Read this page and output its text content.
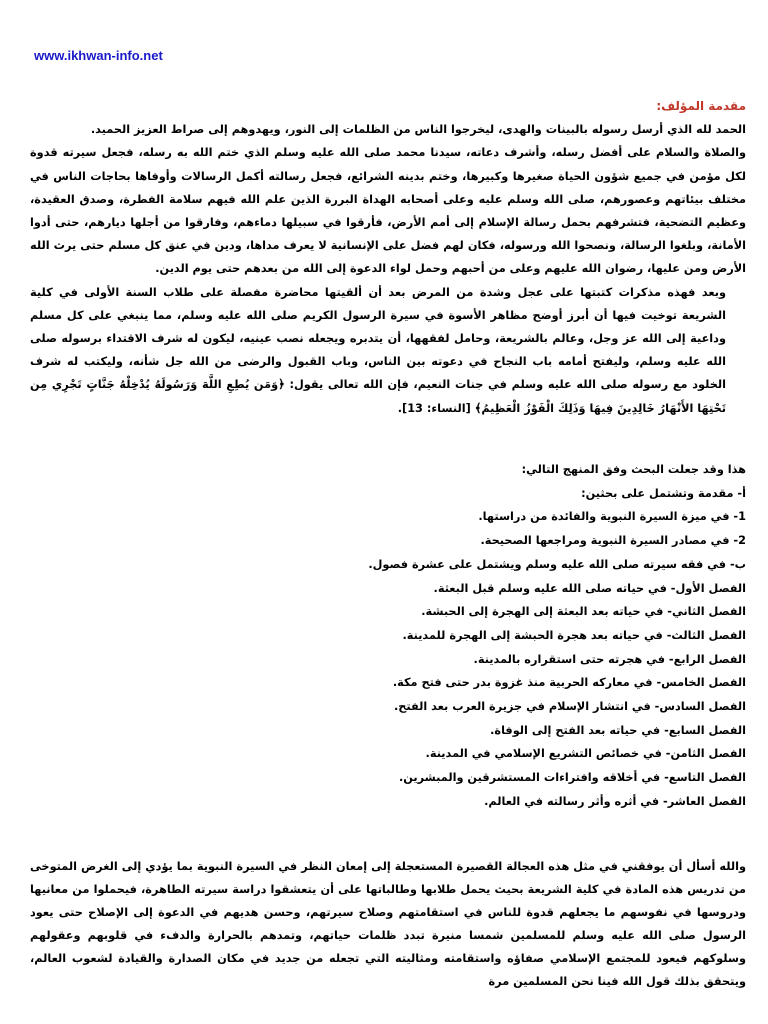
www.ikhwan-info.net

مقدمة المؤلف:

الحمد لله الذي أرسل رسوله بالبينات والهدى، ليخرجوا الناس من الظلمات إلى النور، ويهدوهم إلى صراط العزيز الحميد.

والصلاة والسلام على أفضل رسله، وأشرف دعاته، سيدنا محمد صلى الله عليه وسلم الذي ختم الله به رسله، فجعل سيرته قدوة لكل مؤمن في جميع شؤون الحياة صغيرها وكبيرها، وختم بدينه الشرائع، فجعل رسالته أكمل الرسالات وأوفاها بحاجات الناس في مختلف بيئاتهم وعصورهم، صلى الله وسلم عليه وعلى أصحابه الهداة البررة الذين علم الله فيهم سلامة الفطرة، وصدق العقيدة، وعظيم التضحية، فتشرفهم بحمل رسالة الإسلام إلى أمم الأرض، فأرقوا في سبيلها دماءهم، وفارقوا من أجلها ديارهم، حتى أدوا الأمانة، وبلغوا الرسالة، ونصحوا الله ورسوله، فكان لهم فضل على الإنسانية لا يعرف مداها، ودين في عنق كل مسلم حتى يرث الله الأرض ومن عليها، رضوان الله عليهم وعلى من أحبهم وحمل لواء الدعوة إلى الله من بعدهم حتى يوم الدين.

وبعد فهذه مذكرات كتبتها على عجل وشدة من المرض بعد أن ألقيتها محاضرة مفصلة على طلاب السنة الأولى في كلية الشريعة توخيت فيها أن أبرز أوضح مظاهر الأسوة في سيرة الرسول الكريم صلى الله عليه وسلم، مما ينبغي على كل مسلم وداعية إلى الله عز وجل، وعالم بالشريعة، وحامل لفقهها، أن يتدبره ويجعله نصب عينيه، ليكون له شرف الاقتداء برسوله صلى الله عليه وسلم، وليفتح أمامه باب النجاح في دعوته بين الناس، وباب القبول والرضى من الله جل شأنه، وليكتب له شرف الخلود مع رسوله صلى الله عليه وسلم في جنات النعيم، فإن الله تعالى يقول: ﴿وَمَن يُطِعِ اللَّهَ وَرَسُولَهُ يُدْخِلْهُ جَنَّاتٍ تَجْرِي مِن تَحْتِهَا الأَنْهَارُ خَالِدِينَ فِيهَا وَذَلِكَ الْفَوْزُ الْعَظِيمُ﴾ [النساء: 13].

هذا وقد جعلت البحث وفق المنهج التالي:

أ- مقدمة وتشتمل على بحثين:

1- في ميزة السيرة النبوية والفائدة من دراستها.

2- في مصادر السيرة النبوية ومراجعها الصحيحة.

ب- في فقه سيرته صلى الله عليه وسلم ويشتمل على عشرة فصول.

الفصل الأول- في حياته صلى الله عليه وسلم قبل البعثة.

الفصل الثاني- في حياته بعد البعثة إلى الهجرة إلى الحبشة.

الفصل الثالث- في حياته بعد هجرة الحبشة إلى الهجرة للمدينة.

الفصل الرابع- في هجرته حتى استقراره بالمدينة.

الفصل الخامس- في معاركه الحربية منذ غزوة بدر حتى فتح مكة.

الفصل السادس- في انتشار الإسلام في جزيرة العرب بعد الفتح.

الفصل السابع- في حياته بعد الفتح إلى الوفاة.

الفصل الثامن- في خصائص التشريع الإسلامي في المدينة.

الفصل التاسع- في أخلاقه وافتراءات المستشرقين والمبشرين.

الفصل العاشر- في أثره وأثر رسالته في العالم.

والله أسأل أن يوفقني في مثل هذه العجالة القصيرة المستعجلة إلى إمعان النظر في السيرة النبوية بما يؤدي إلى الغرض المتوخى من تدريس هذه المادة في كلية الشريعة بحيث يحمل طلابها وطالباتها على أن يتعشقوا دراسة سيرته الطاهرة، فيحملوا من معانيها ودروسها في نفوسهم ما يجعلهم قدوة للناس في استقامتهم وصلاح سيرتهم، وحسن هديهم في الدعوة إلى الإصلاح حتى يعود الرسول صلى الله عليه وسلم للمسلمين شمسا منيرة تبدد ظلمات حياتهم، وتمدهم بالحرارة والدفء في قلوبهم وعقولهم وسلوكهم فيعود للمجتمع الإسلامي صفاؤه واستقامته ومثاليته التي تجعله من جديد في مكان الصدارة والقيادة لشعوب العالم، ويتحقق بذلك قول الله فينا نحن المسلمين مرة
